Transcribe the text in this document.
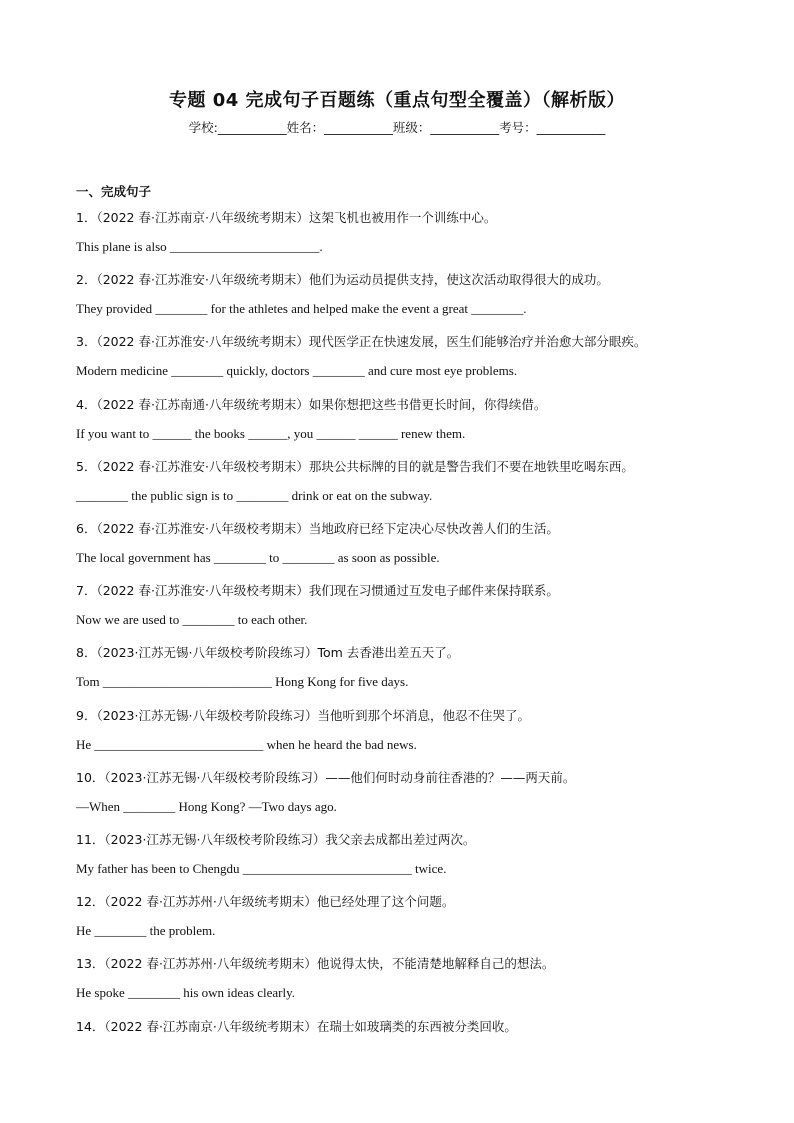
专题 04 完成句子百题练（重点句型全覆盖）（解析版）
学校:___________姓名：___________班级：___________考号：___________
一、完成句子
1．（2022 春·江苏南京·八年级统考期末）这架飞机也被用作一个训练中心。
This plane is also _______________________.
2．（2022 春·江苏淮安·八年级统考期末）他们为运动员提供支持，使这次活动取得很大的成功。
They provided ________ for the athletes and helped make the event a great ________.
3．（2022 春·江苏淮安·八年级统考期末）现代医学正在快速发展，医生们能够治疗并治愈大部分眼疾。
Modern medicine ________ quickly, doctors ________ and cure most eye problems.
4．（2022 春·江苏南通·八年级统考期末）如果你想把这些书借更长时间，你得续借。
If you want to ______ the books ______, you ______ ______ renew them.
5．（2022 春·江苏淮安·八年级校考期末）那块公共标牌的目的就是警告我们不要在地铁里吃喝东西。
________ the public sign is to ________ drink or eat on the subway.
6．（2022 春·江苏淮安·八年级校考期末）当地政府已经下定决心尽快改善人们的生活。
The local government has ________ to ________ as soon as possible.
7．（2022 春·江苏淮安·八年级校考期末）我们现在习惯通过互发电子邮件来保持联系。
Now we are used to ________ to each other.
8．（2023·江苏无锡·八年级校考阶段练习）Tom 去香港出差五天了。
Tom __________________________ Hong Kong for five days.
9．（2023·江苏无锡·八年级校考阶段练习）当他听到那个坏消息，他忍不住哭了。
He __________________________ when he heard the bad news.
10．（2023·江苏无锡·八年级校考阶段练习）——他们何时动身前往香港的？——两天前。
—When ________ Hong Kong? —Two days ago.
11．（2023·江苏无锡·八年级校考阶段练习）我父亲去成都出差过两次。
My father has been to Chengdu __________________________ twice.
12．（2022 春·江苏苏州·八年级统考期末）他已经处理了这个问题。
He ________ the problem.
13．（2022 春·江苏苏州·八年级统考期末）他说得太快，不能清楚地解释自己的想法。
He spoke ________ his own ideas clearly.
14．（2022 春·江苏南京·八年级统考期末）在瑞士如玻璃类的东西被分类回收。
